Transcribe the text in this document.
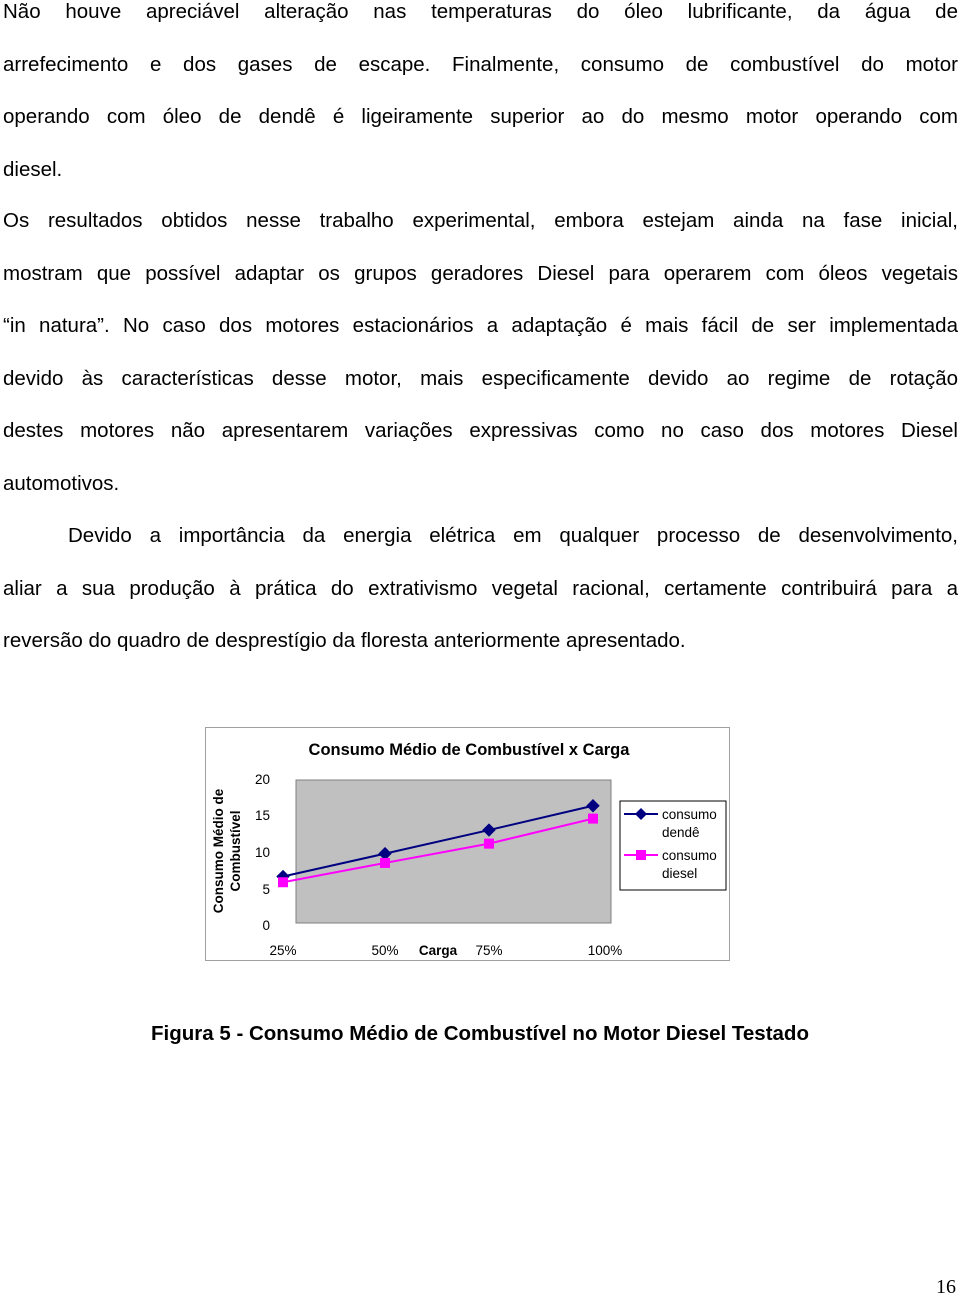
Não houve apreciável alteração nas temperaturas do óleo lubrificante, da água de
arrefecimento e dos gases de escape. Finalmente, consumo de combustível do motor
operando com óleo de dendê é ligeiramente superior ao do mesmo motor operando com
diesel.
Os resultados obtidos nesse trabalho experimental, embora estejam ainda na fase inicial,
mostram que possível adaptar os grupos geradores Diesel para operarem com óleos vegetais
“in natura”. No caso dos motores estacionários a adaptação é mais fácil de ser implementada
devido às características desse motor, mais especificamente devido ao regime de rotação
destes motores não apresentarem variações expressivas como no caso dos motores Diesel
automotivos.
Devido a importância da energia elétrica em qualquer processo de desenvolvimento,
aliar a sua produção à prática do extrativismo vegetal racional, certamente contribuirá para a
reversão do quadro de desprestígio da floresta anteriormente apresentado.
Consumo Médio de Combustível x Carga
Consumo Médio de Combustível
0
5
10
15
20
25%	50%	75%	100%
Carga
consumo dendê
consumo diesel
Figura 5 - Consumo Médio de Combustível no Motor Diesel Testado
16
